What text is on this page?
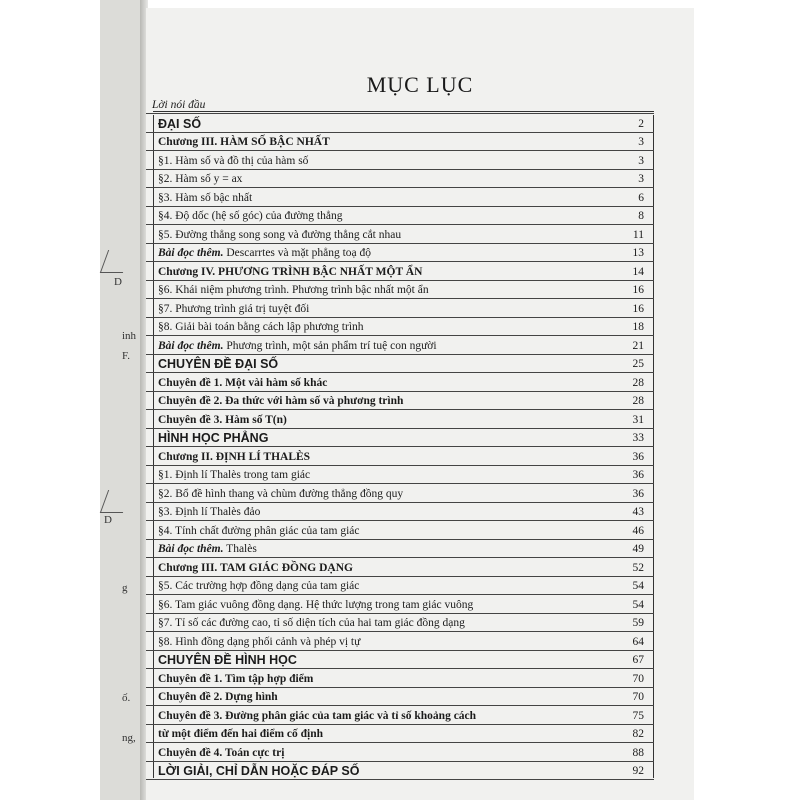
D
inh
F.
D
g
ố.
ng,
MỤC LỤC
Lời nói đầu
ĐẠI SỐ	2
Chương III. HÀM SỐ BẬC NHẤT	3
§1. Hàm số và đồ thị của hàm số	3
§2. Hàm số y = ax	3
§3. Hàm số bậc nhất	6
§4. Độ dốc (hệ số góc) của đường thẳng	8
§5. Đường thẳng song song và đường thẳng cắt nhau	11
Bài đọc thêm. Descarrtes và mặt phẳng toạ độ	13
Chương IV. PHƯƠNG TRÌNH BẬC NHẤT MỘT ẨN	14
§6. Khái niệm phương trình. Phương trình bậc nhất một ẩn	16
§7. Phương trình giá trị tuyệt đối	16
§8. Giải bài toán bằng cách lập phương trình	18
Bài đọc thêm. Phương trình, một sản phẩm trí tuệ con người	21
CHUYÊN ĐỀ ĐẠI SỐ	25
Chuyên đề 1. Một vài hàm số khác	28
Chuyên đề 2. Đa thức với hàm số và phương trình	28
Chuyên đề 3. Hàm số T(n)	31
HÌNH HỌC PHẲNG	33
Chương II. ĐỊNH LÍ THALÈS	36
§1. Định lí Thalès trong tam giác	36
§2. Bổ đề hình thang và chùm đường thẳng đồng quy	36
§3. Định lí Thalès đảo	43
§4. Tính chất đường phân giác của tam giác	46
Bài đọc thêm. Thalès	49
Chương III. TAM GIÁC ĐỒNG DẠNG	52
§5. Các trường hợp đồng dạng của tam giác	54
§6. Tam giác vuông đồng dạng. Hệ thức lượng trong tam giác vuông	54
§7. Tỉ số các đường cao, tỉ số diện tích của hai tam giác đồng dạng	59
§8. Hình đồng dạng phối cảnh và phép vị tự	64
CHUYÊN ĐỀ HÌNH HỌC	67
Chuyên đề 1. Tìm tập hợp điểm	70
Chuyên đề 2. Dựng hình	70
Chuyên đề 3. Đường phân giác của tam giác và tỉ số khoảng cách	75
từ một điểm đến hai điểm cố định	82
Chuyên đề 4. Toán cực trị	88
LỜI GIẢI, CHỈ DẪN HOẶC ĐÁP SỐ	92
